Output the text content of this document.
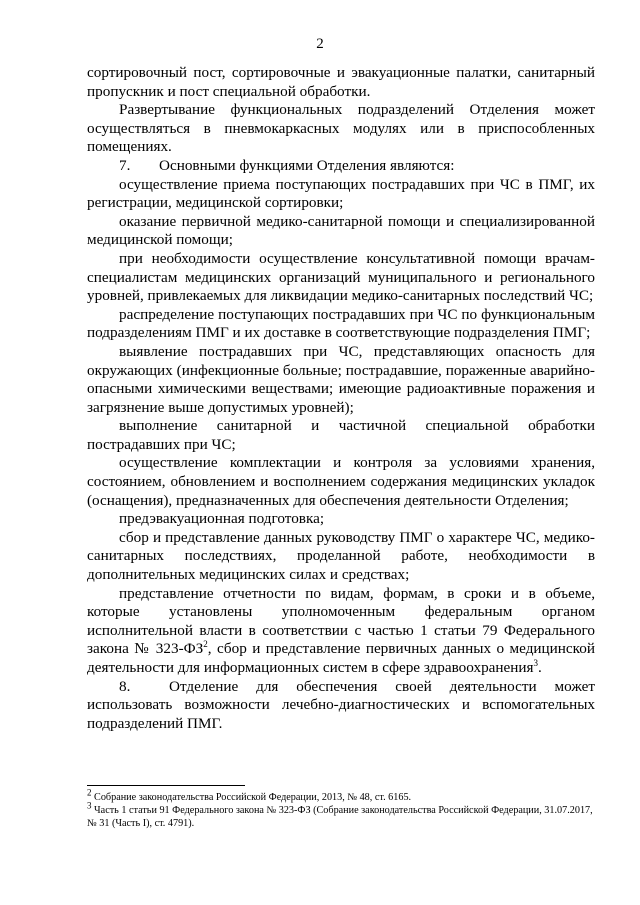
2

сортировочный пост, сортировочные и эвакуационные палатки, санитарный пропускник и пост специальной обработки.

Развертывание функциональных подразделений Отделения может осуществляться в пневмокаркасных модулях или в приспособленных помещениях.

7.	Основными функциями Отделения являются:

осуществление приема поступающих пострадавших при ЧС в ПМГ, их регистрации, медицинской сортировки;

оказание первичной медико-санитарной помощи и специализированной медицинской помощи;

при необходимости осуществление консультативной помощи врачам-специалистам медицинских организаций муниципального и регионального уровней, привлекаемых для ликвидации медико-санитарных последствий ЧС;

распределение поступающих пострадавших при ЧС по функциональным подразделениям ПМГ и их доставке в соответствующие подразделения ПМГ;

выявление пострадавших при ЧС, представляющих опасность для окружающих (инфекционные больные; пострадавшие, пораженные аварийно-опасными химическими веществами; имеющие радиоактивные поражения и загрязнение выше допустимых уровней);

выполнение санитарной и частичной специальной обработки пострадавших при ЧС;

осуществление комплектации и контроля за условиями хранения, состоянием, обновлением и восполнением содержания медицинских укладок (оснащения), предназначенных для обеспечения деятельности Отделения;

предэвакуационная подготовка;

сбор и представление данных руководству ПМГ о характере ЧС, медико-санитарных последствиях, проделанной работе, необходимости в дополнительных медицинских силах и средствах;

представление отчетности по видам, формам, в сроки и в объеме, которые установлены уполномоченным федеральным органом исполнительной власти в соответствии с частью 1 статьи 79 Федерального закона № $323-ФЗ^2$, сбор и представление первичных данных о медицинской деятельности для информационных систем в сфере здравоохранения$^3$.

8.	Отделение для обеспечения своей деятельности может использовать возможности лечебно-диагностических и вспомогательных подразделений ПМГ.

$^2$ Собрание законодательства Российской Федерации, 2013, № 48, ст. 6165.

$^3$ Часть 1 статьи 91 Федерального закона № 323-ФЗ (Собрание законодательства Российской Федерации, 31.07.2017, № 31 (Часть I), ст. 4791).
